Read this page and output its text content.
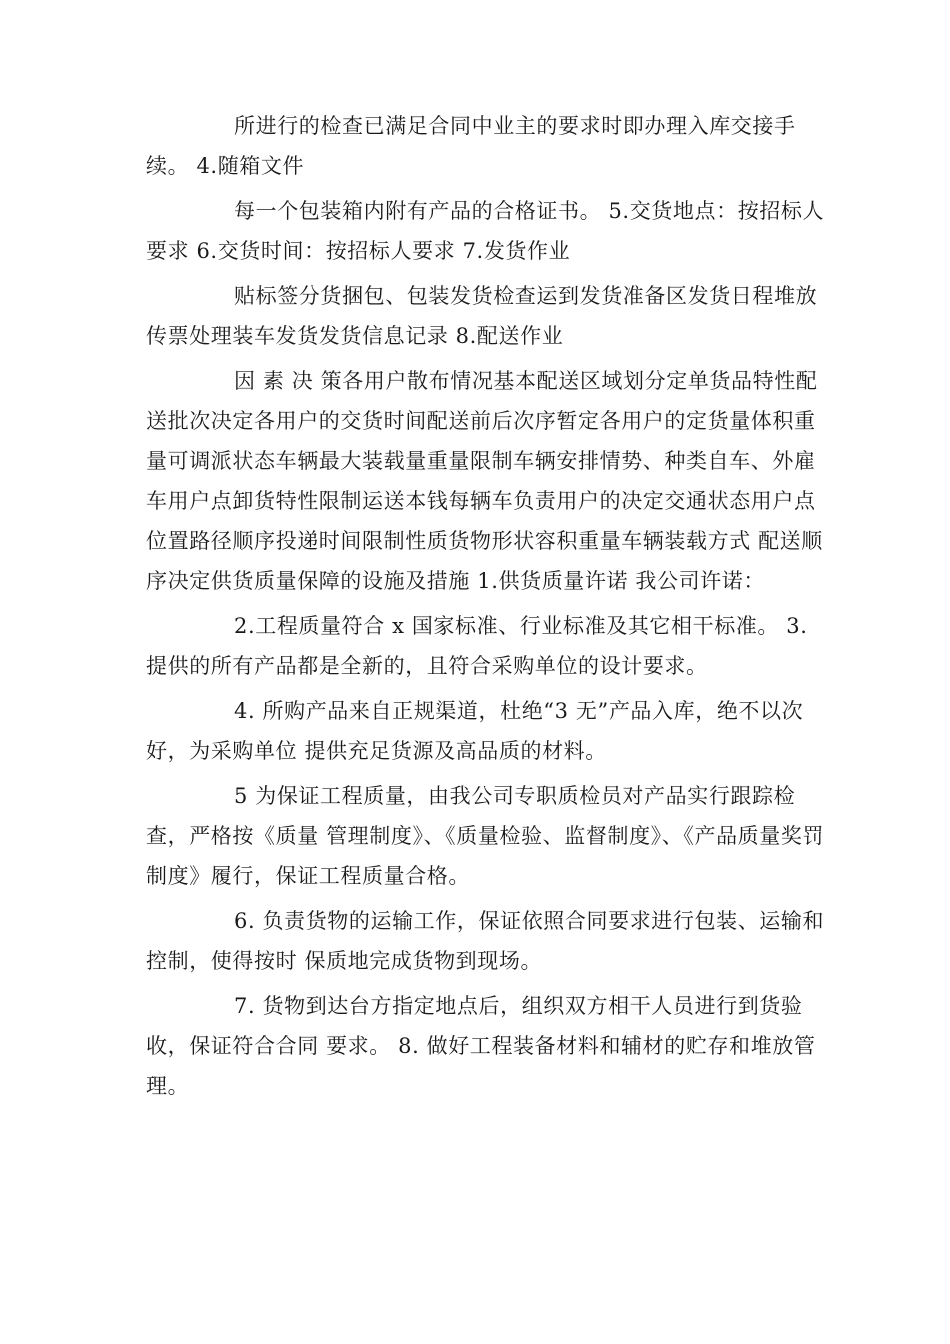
所进行的检查已满足合同中业主的要求时即办理入库交接手续。 4.随箱文件

每一个包装箱内附有产品的合格证书。 5.交货地点：按招标人要求 6.交货时间：按招标人要求 7.发货作业

贴标签分货捆包、包装发货检查运到发货准备区发货日程堆放传票处理装车发货发货信息记录 8.配送作业

因 素 决 策各用户散布情况基本配送区域划分定单货品特性配送批次决定各用户的交货时间配送前后次序暂定各用户的定货量体积重量可调派状态车辆最大装载量重量限制车辆安排情势、种类自车、外雇车用户点卸货特性限制运送本钱每辆车负责用户的决定交通状态用户点位置路径顺序投递时间限制性质货物形状容积重量车辆装载方式 配送顺序决定供货质量保障的设施及措施 1.供货质量许诺 我公司许诺：

2.工程质量符合 x 国家标准、行业标准及其它相干标准。 3.提供的所有产品都是全新的，且符合采购单位的设计要求。

4. 所购产品来自正规渠道，杜绝“3 无”产品入库，绝不以次好，为采购单位 提供充足货源及高品质的材料。

5 为保证工程质量，由我公司专职质检员对产品实行跟踪检查，严格按《质量 管理制度》、《质量检验、监督制度》、《产品质量奖罚制度》履行，保证工程质量合格。

6. 负责货物的运输工作，保证依照合同要求进行包装、运输和控制，使得按时 保质地完成货物到现场。

7. 货物到达台方指定地点后，组织双方相干人员进行到货验收，保证符合合同 要求。 8. 做好工程装备材料和辅材的贮存和堆放管理。
